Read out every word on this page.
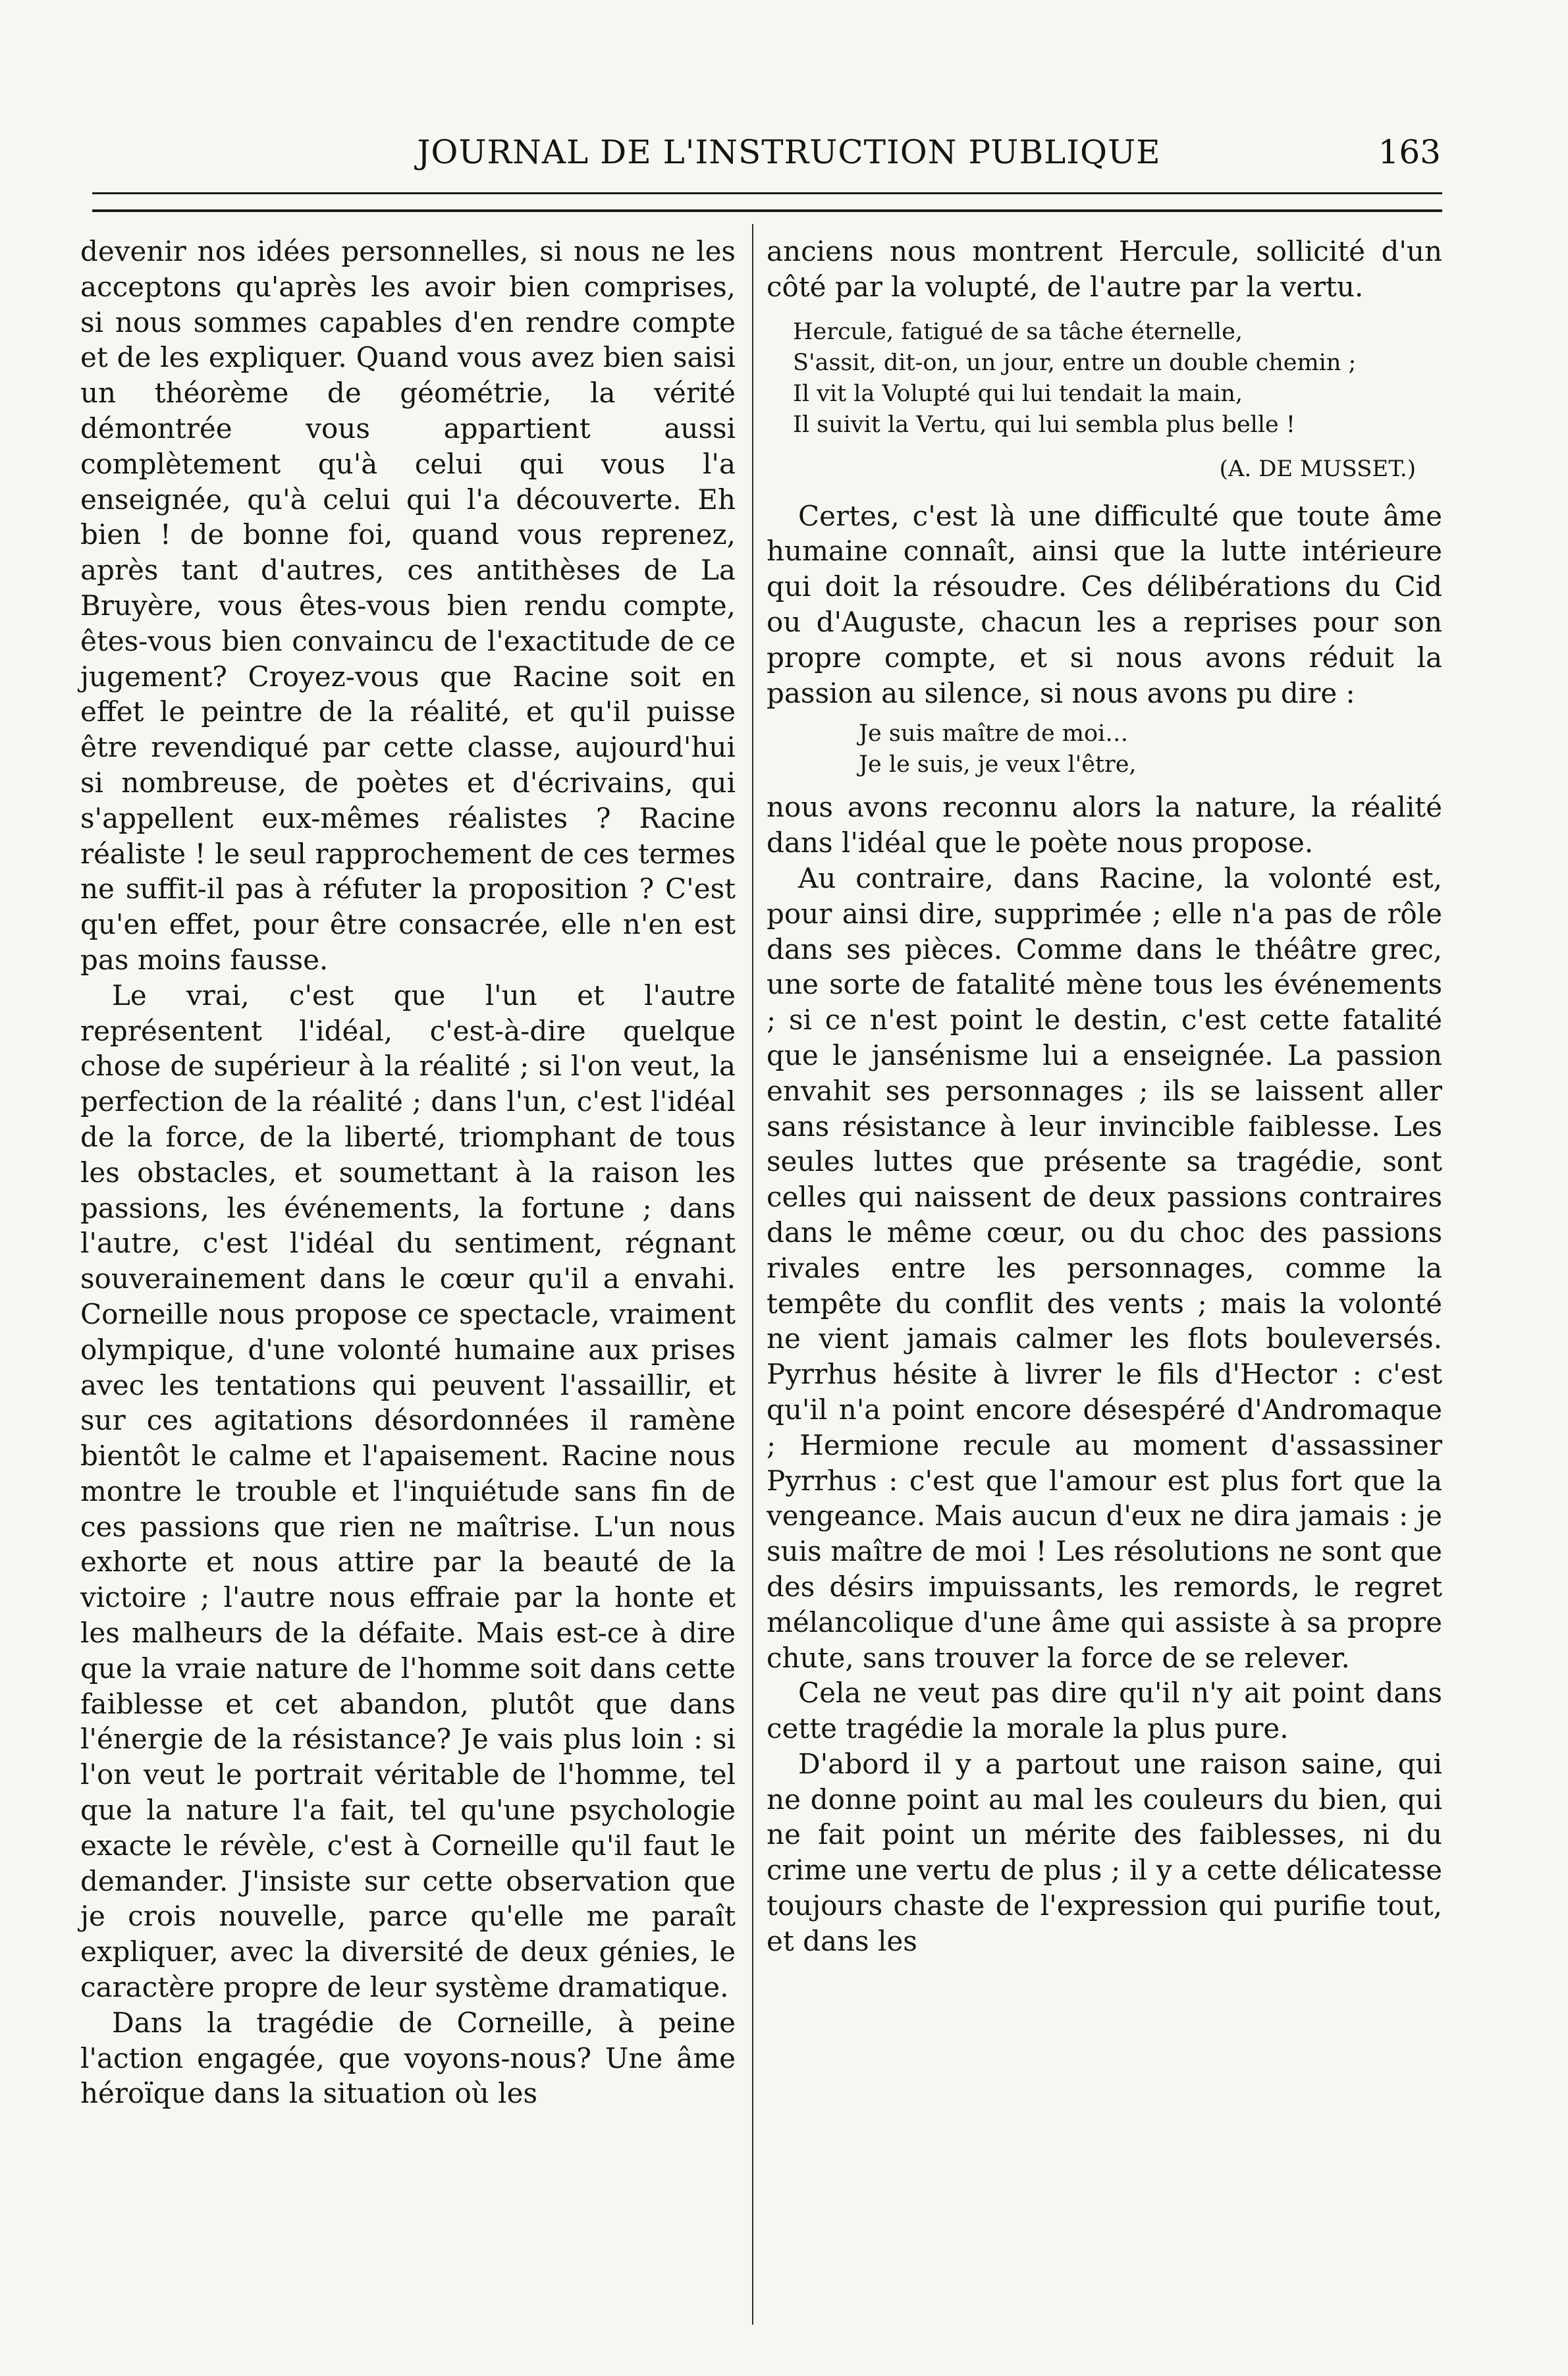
JOURNAL DE L'INSTRUCTION PUBLIQUE	163

devenir nos idées personnelles, si nous ne les acceptons qu'après les avoir bien comprises, si nous sommes capables d'en rendre compte et de les expliquer. Quand vous avez bien saisi un théorème de géométrie, la vérité démontrée vous appartient aussi complètement qu'à celui qui vous l'a enseignée, qu'à celui qui l'a découverte. Eh bien ! de bonne foi, quand vous reprenez, après tant d'autres, ces antithèses de La Bruyère, vous êtes-vous bien rendu compte, êtes-vous bien convaincu de l'exactitude de ce jugement? Croyez-vous que Racine soit en effet le peintre de la réalité, et qu'il puisse être revendiqué par cette classe, aujourd'hui si nombreuse, de poètes et d'écrivains, qui s'appellent eux-mêmes réalistes ? Racine réaliste ! le seul rapprochement de ces termes ne suffit-il pas à réfuter la proposition ? C'est qu'en effet, pour être consacrée, elle n'en est pas moins fausse.

Le vrai, c'est que l'un et l'autre représentent l'idéal, c'est-à-dire quelque chose de supérieur à la réalité ; si l'on veut, la perfection de la réalité ; dans l'un, c'est l'idéal de la force, de la liberté, triomphant de tous les obstacles, et soumettant à la raison les passions, les événements, la fortune ; dans l'autre, c'est l'idéal du sentiment, régnant souverainement dans le cœur qu'il a envahi. Corneille nous propose ce spectacle, vraiment olympique, d'une volonté humaine aux prises avec les tentations qui peuvent l'assaillir, et sur ces agitations désordonnées il ramène bientôt le calme et l'apaisement. Racine nous montre le trouble et l'inquiétude sans fin de ces passions que rien ne maîtrise. L'un nous exhorte et nous attire par la beauté de la victoire ; l'autre nous effraie par la honte et les malheurs de la défaite. Mais est-ce à dire que la vraie nature de l'homme soit dans cette faiblesse et cet abandon, plutôt que dans l'énergie de la résistance? Je vais plus loin : si l'on veut le portrait véritable de l'homme, tel que la nature l'a fait, tel qu'une psychologie exacte le révèle, c'est à Corneille qu'il faut le demander. J'insiste sur cette observation que je crois nouvelle, parce qu'elle me paraît expliquer, avec la diversité de deux génies, le caractère propre de leur système dramatique.

Dans la tragédie de Corneille, à peine l'action engagée, que voyons-nous? Une âme héroïque dans la situation où les

anciens nous montrent Hercule, sollicité d'un côté par la volupté, de l'autre par la vertu.

Hercule, fatigué de sa tâche éternelle,
S'assit, dit-on, un jour, entre un double chemin ;
Il vit la Volupté qui lui tendait la main,
Il suivit la Vertu, qui lui sembla plus belle !
(A. DE MUSSET.)

Certes, c'est là une difficulté que toute âme humaine connaît, ainsi que la lutte intérieure qui doit la résoudre. Ces délibérations du Cid ou d'Auguste, chacun les a reprises pour son propre compte, et si nous avons réduit la passion au silence, si nous avons pu dire :

Je suis maître de moi…
Je le suis, je veux l'être,

nous avons reconnu alors la nature, la réalité dans l'idéal que le poète nous propose.

Au contraire, dans Racine, la volonté est, pour ainsi dire, supprimée ; elle n'a pas de rôle dans ses pièces. Comme dans le théâtre grec, une sorte de fatalité mène tous les événements ; si ce n'est point le destin, c'est cette fatalité que le jansénisme lui a enseignée. La passion envahit ses personnages ; ils se laissent aller sans résistance à leur invincible faiblesse. Les seules luttes que présente sa tragédie, sont celles qui naissent de deux passions contraires dans le même cœur, ou du choc des passions rivales entre les personnages, comme la tempête du conflit des vents ; mais la volonté ne vient jamais calmer les flots bouleversés. Pyrrhus hésite à livrer le fils d'Hector : c'est qu'il n'a point encore désespéré d'Andromaque ; Hermione recule au moment d'assassiner Pyrrhus : c'est que l'amour est plus fort que la vengeance. Mais aucun d'eux ne dira jamais : je suis maître de moi ! Les résolutions ne sont que des désirs impuissants, les remords, le regret mélancolique d'une âme qui assiste à sa propre chute, sans trouver la force de se relever.

Cela ne veut pas dire qu'il n'y ait point dans cette tragédie la morale la plus pure.

D'abord il y a partout une raison saine, qui ne donne point au mal les couleurs du bien, qui ne fait point un mérite des faiblesses, ni du crime une vertu de plus ; il y a cette délicatesse toujours chaste de l'expression qui purifie tout, et dans les
